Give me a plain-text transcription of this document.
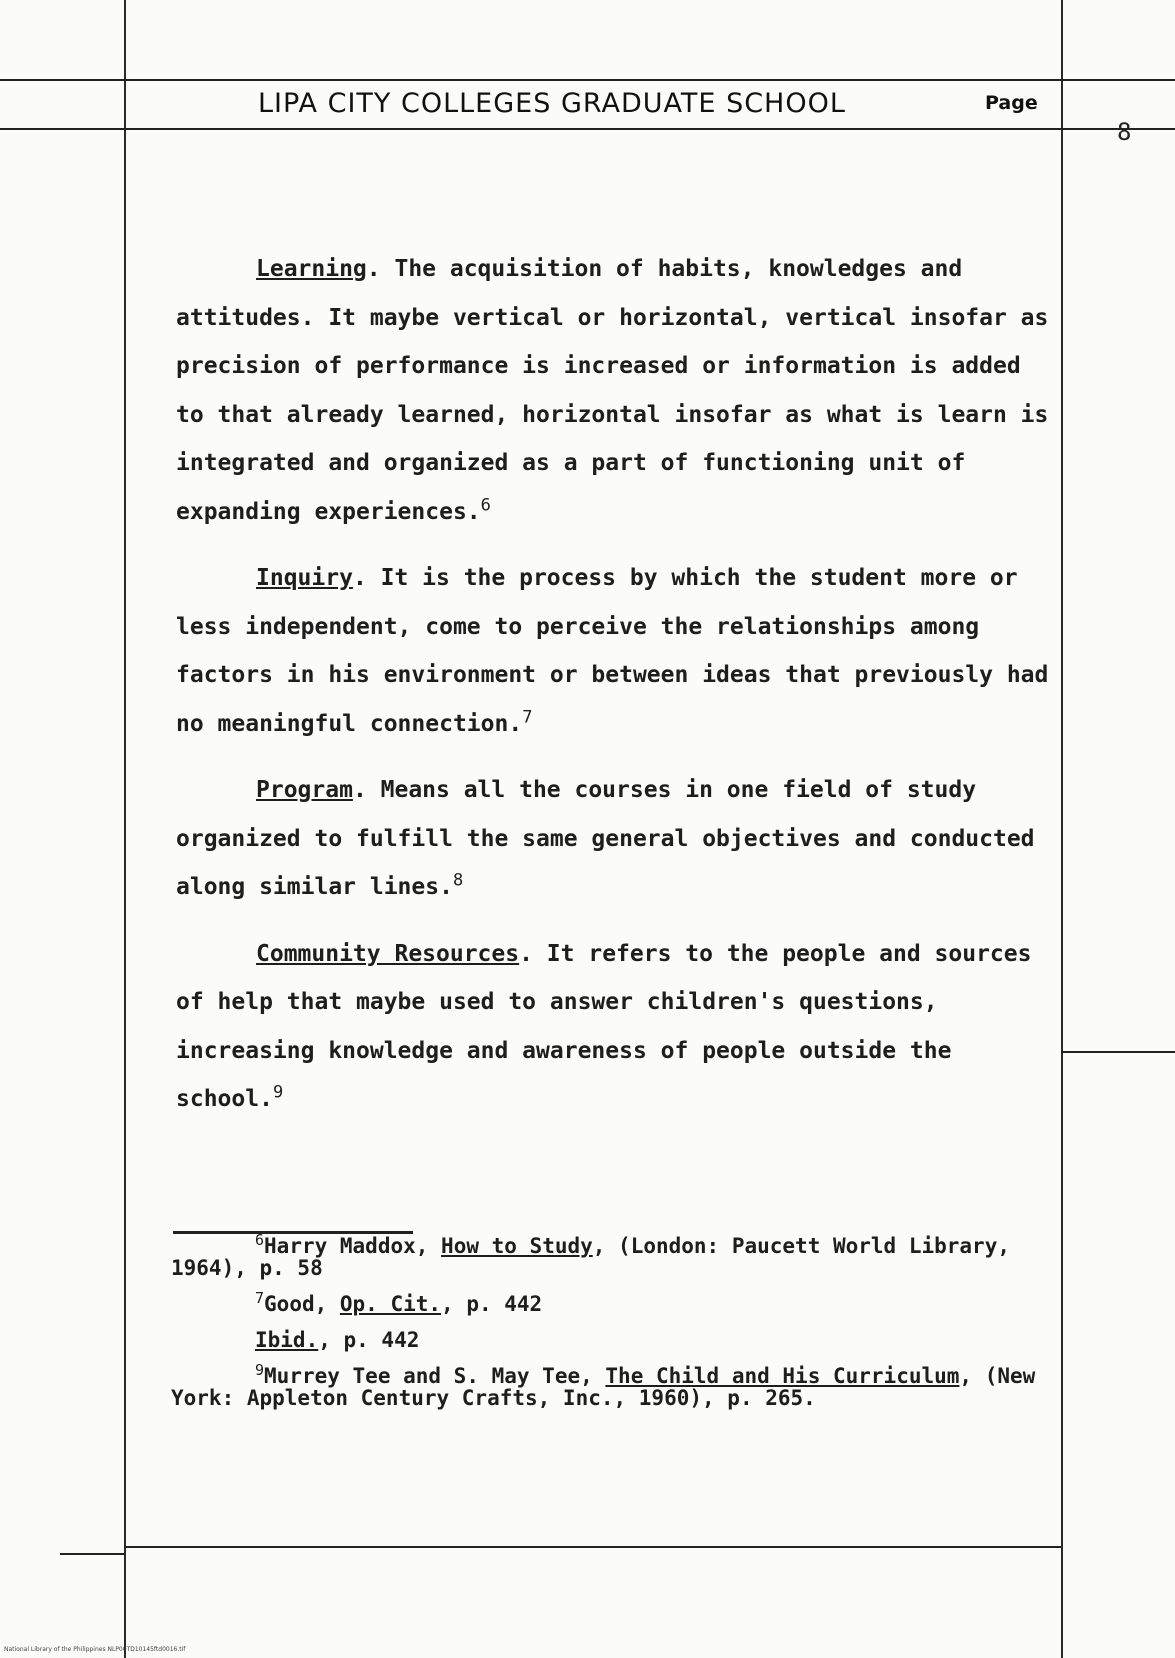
LIPA CITY COLLEGES GRADUATE SCHOOL	Page
8

Learning. The acquisition of habits, knowledges and attitudes. It maybe vertical or horizontal, vertical insofar as precision of performance is increased or information is added to that already learned, horizontal insofar as what is learn is integrated and organized as a part of functioning unit of expanding experiences.$^6$

Inquiry. It is the process by which the student more or less independent, come to perceive the relationships among factors in his environment or between ideas that previously had no meaningful connection.$^7$

Program. Means all the courses in one field of study organized to fulfill the same general objectives and conducted along similar lines.$^8$

Community Resources. It refers to the people and sources of help that maybe used to answer children's questions, increasing knowledge and awareness of people outside the school.$^9$

$^6$Harry Maddox, How to Study, (London: Paucett World Library, 1964), p. 58

$^7$Good, Op. Cit., p. 442

Ibid., p. 442

$^9$Murrey Tee and S. May Tee, The Child and His Curriculum, (New York: Appleton Century Crafts, Inc., 1960), p. 265.

National Library of the Philippines NLP00TD10145ftd0016.tif
